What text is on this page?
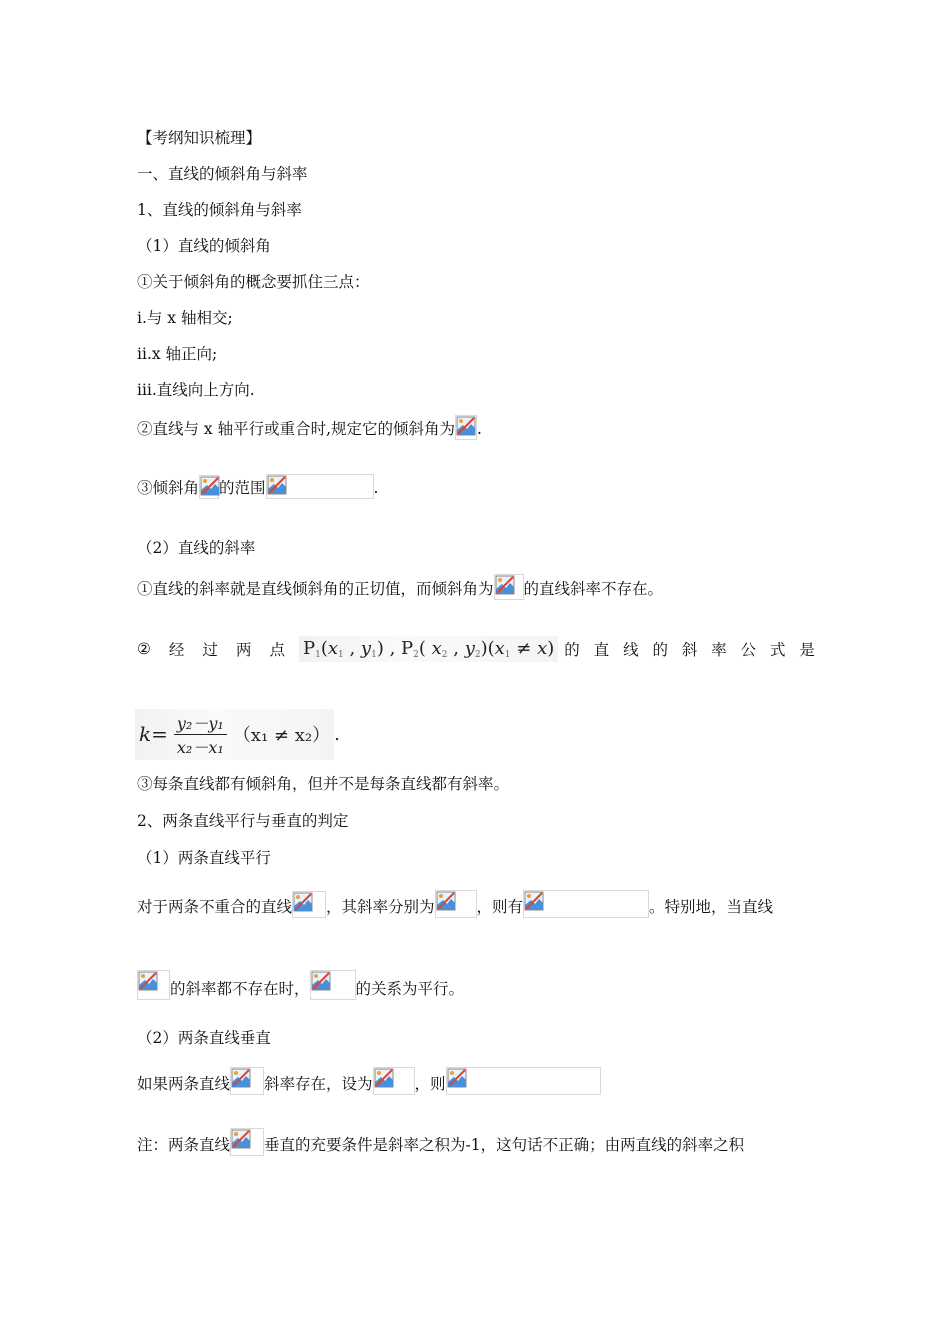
【考纲知识梳理】
一、直线的倾斜角与斜率
1、直线的倾斜角与斜率
（1）直线的倾斜角
①关于倾斜角的概念要抓住三点：
ⅰ.与 x 轴相交;
ⅱ.x 轴正向;
ⅲ.直线向上方向.
②直线与 x 轴平行或重合时,规定它的倾斜角为 .
③倾斜角 的范围	.
（2）直线的斜率
①直线的斜率就是直线倾斜角的正切值，而倾斜角为 的直线斜率不存在。
② 经 过 两 点 $P_1(x_1$ , $y_1$) , $P_2$( $x_2$ , $y_2)(x_1 \ne x)$ 的 直 线 的 斜 率 公 式 是
$k = \frac{\text{y₂－y₁}}{\text{x₂－x₁}} (x_1 \ne x_2)$ .
③每条直线都有倾斜角，但并不是每条直线都有斜率。
2、两条直线平行与垂直的判定
（1）两条直线平行
对于两条不重合的直线 ，其斜率分别为	，则有	。特别地，当直线
的斜率都不存在时，	的关系为平行。
（2）两条直线垂直
如果两条直线 斜率存在，设为	，则
注：两条直线 垂直的充要条件是斜率之积为-1，这句话不正确；由两直线的斜率之积
